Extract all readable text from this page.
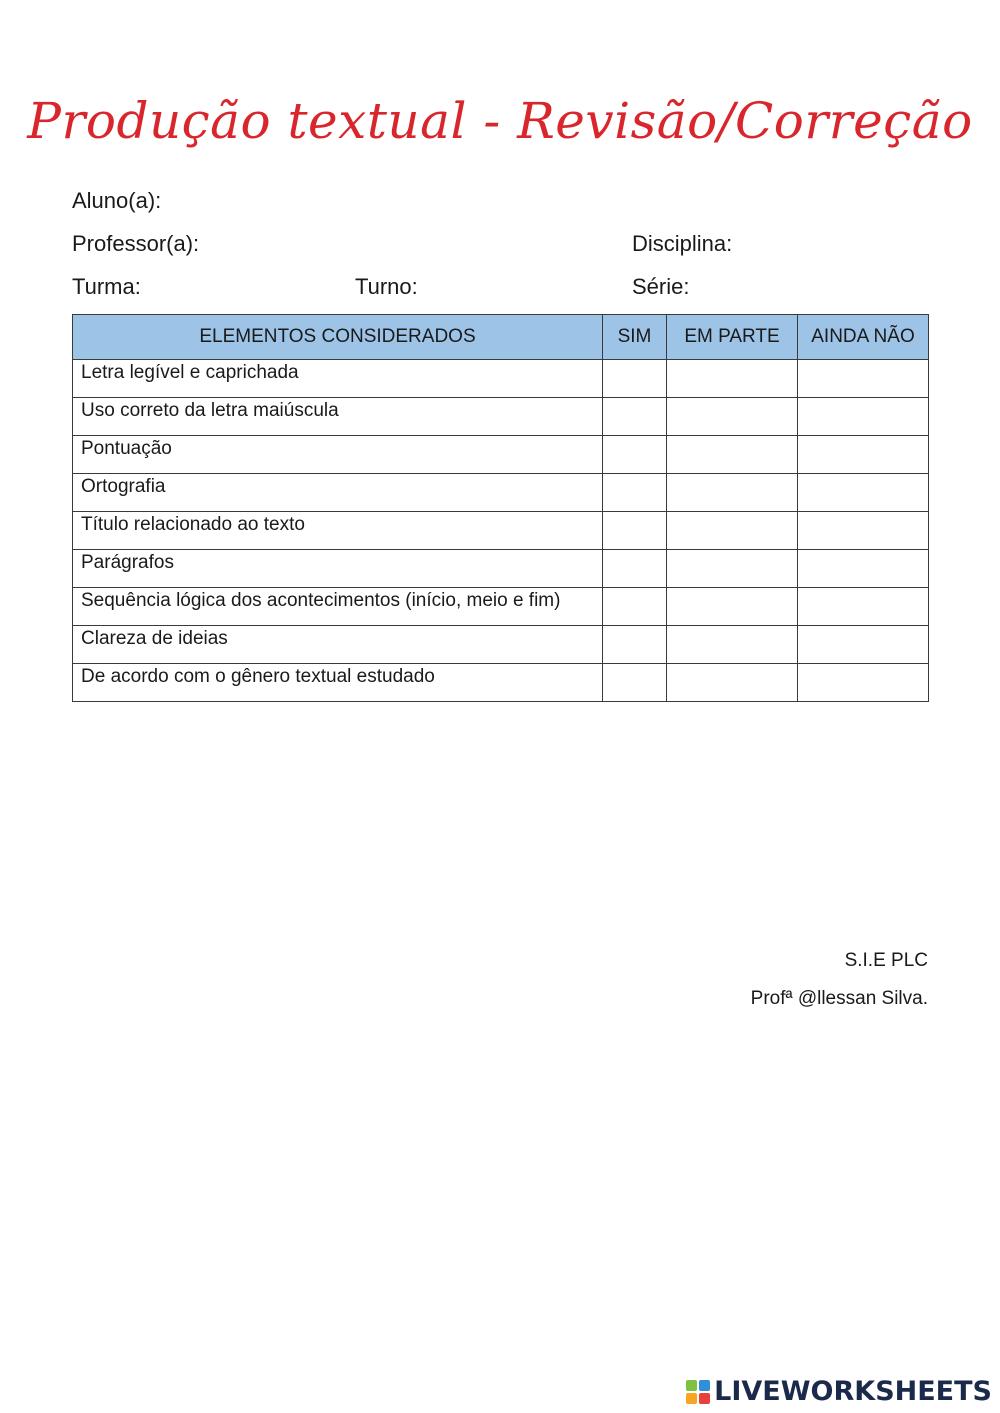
Produção textual - Revisão/Correção
Aluno(a):
Professor(a):	Disciplina:
Turma:	Turno:	Série:
ELEMENTOS CONSIDERADOS	SIM	EM PARTE	AINDA NÃO
Letra legível e caprichada			
Uso correto da letra maiúscula			
Pontuação			
Ortografia			
Título relacionado ao texto			
Parágrafos			
Sequência lógica dos acontecimentos (início, meio e fim)			
Clareza de ideias			
De acordo com o gênero textual estudado			
S.I.E PLC
Profª @llessan Silva.
LIVEWORKSHEETS
